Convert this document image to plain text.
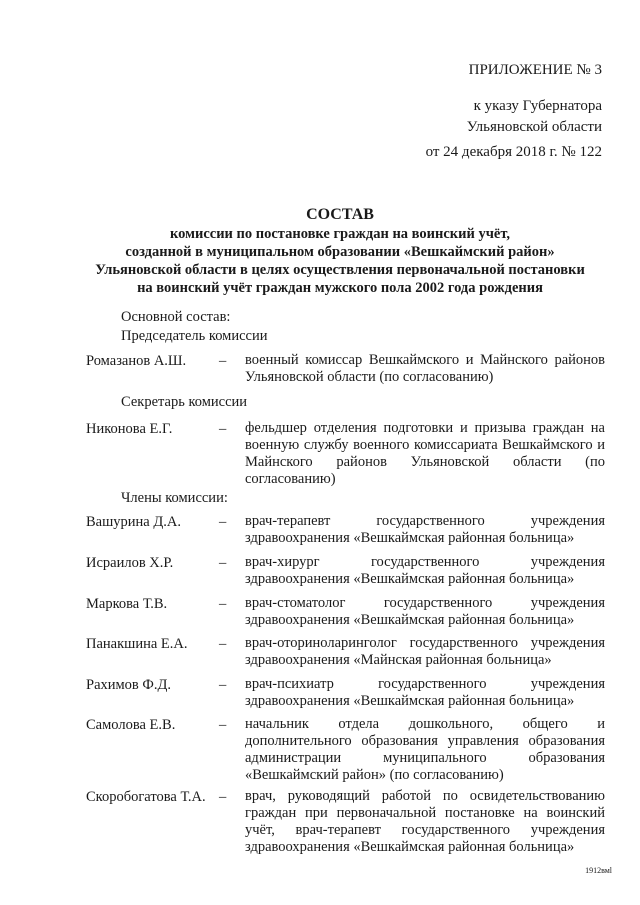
ПРИЛОЖЕНИЕ № 3
к указу Губернатора
Ульяновской области
от 24 декабря 2018 г. № 122
СОСТАВ
комиссии по постановке граждан на воинский учёт,
созданной в муниципальном образовании «Вешкаймский район»
Ульяновской области в целях осуществления первоначальной постановки
на воинский учёт граждан мужского пола 2002 года рождения
Основной состав:
Председатель комиссии
Ромазанов А.Ш. – военный комиссар Вешкаймского и Майнского районов Ульяновской области (по согласованию)
Секретарь комиссии
Никонова Е.Г.	– фельдшер отделения подготовки и призыва граждан на военную службу военного комиссариата Вешкаймского и Майнского районов Ульяновской области (по согласованию)
Члены комиссии:
Вашурина Д.А.	– врач-терапевт государственного учреждения здравоохранения «Вешкаймская районная больница»
Исраилов Х.Р.	– врач-хирург государственного учреждения здравоохранения «Вешкаймская районная больница»
Маркова Т.В.	– врач-стоматолог государственного учреждения здравоохранения «Вешкаймская районная больница»
Панакшина Е.А. – врач-оториноларинголог государственного учреждения здравоохранения «Майнская районная больница»
Рахимов Ф.Д.	– врач-психиатр государственного учреждения здравоохранения «Вешкаймская районная больница»
Самолова Е.В.	– начальник отдела дошкольного, общего и дополнительного образования управления образования администрации муниципального образования «Вешкаймский район» (по согласованию)
Скоробогатова Т.А. – врач, руководящий работой по освидетельствованию граждан при первоначальной постановке на воинский учёт, врач-терапевт государственного учреждения здравоохранения «Вешкаймская районная больница»
1912вмl
